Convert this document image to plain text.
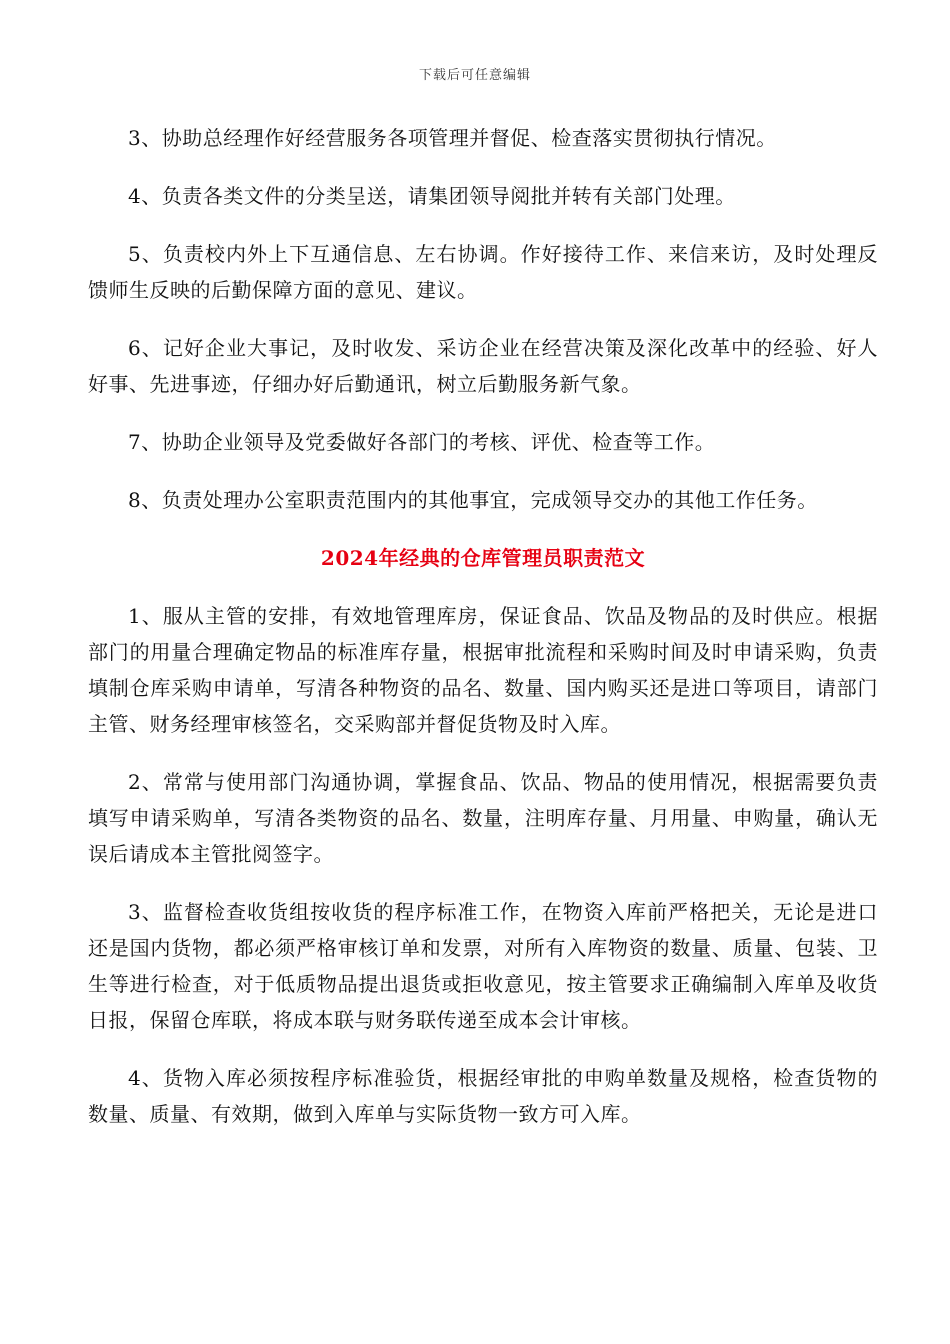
下载后可任意编辑

3、协助总经理作好经营服务各项管理并督促、检查落实贯彻执行情况。

4、负责各类文件的分类呈送，请集团领导阅批并转有关部门处理。

5、负责校内外上下互通信息、左右协调。作好接待工作、来信来访，及时处理反馈师生反映的后勤保障方面的意见、建议。

6、记好企业大事记，及时收发、采访企业在经营决策及深化改革中的经验、好人好事、先进事迹，仔细办好后勤通讯，树立后勤服务新气象。

7、协助企业领导及党委做好各部门的考核、评优、检查等工作。

8、负责处理办公室职责范围内的其他事宜，完成领导交办的其他工作任务。

2024年经典的仓库管理员职责范文

1、服从主管的安排，有效地管理库房，保证食品、饮品及物品的及时供应。根据部门的用量合理确定物品的标准库存量，根据审批流程和采购时间及时申请采购，负责填制仓库采购申请单，写清各种物资的品名、数量、国内购买还是进口等项目，请部门主管、财务经理审核签名，交采购部并督促货物及时入库。

2、常常与使用部门沟通协调，掌握食品、饮品、物品的使用情况，根据需要负责填写申请采购单，写清各类物资的品名、数量，注明库存量、月用量、申购量，确认无误后请成本主管批阅签字。

3、监督检查收货组按收货的程序标准工作，在物资入库前严格把关，无论是进口还是国内货物，都必须严格审核订单和发票，对所有入库物资的数量、质量、包装、卫生等进行检查，对于低质物品提出退货或拒收意见，按主管要求正确编制入库单及收货日报，保留仓库联，将成本联与财务联传递至成本会计审核。

4、货物入库必须按程序标准验货，根据经审批的申购单数量及规格，检查货物的数量、质量、有效期，做到入库单与实际货物一致方可入库。
